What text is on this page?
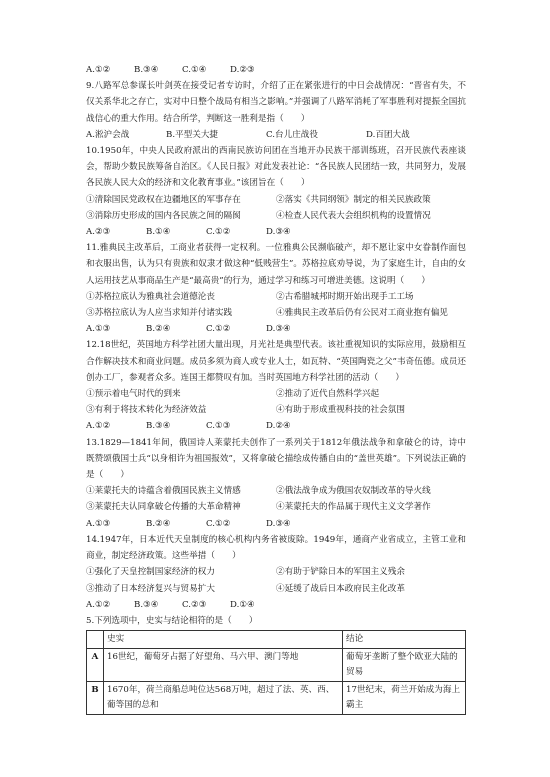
A.①②	B.③④	C.①④	D.②③
9.八路军总参谋长叶剑英在接受记者专访时，介绍了正在紧张进行的中日会战情况：“晋省有失，不仅关系华北之存亡，实对中日整个战局有相当之影响。”并强调了八路军消耗了军事胜利对提振全国抗战信心的重大作用。结合所学，判断这一胜利是指（　　）
A.淞沪会战	B.平型关大捷	C.台儿庄战役	D.百团大战
10.1950年，中央人民政府派出的西南民族访问团在当地开办民族干部训练班，召开民族代表座谈会，帮助少数民族筹备自治区。《人民日报》对此发表社论：“各民族人民团结一致，共同努力，发展各民族人民大众的经济和文化教育事业。”该团旨在（　　）
①清除国民党政权在边疆地区的军事存在	②落实《共同纲领》制定的相关民族政策
③消除历史形成的国内各民族之间的隔阂	④检查人民代表大会组织机构的设置情况
A.②③	B.①④	C.①②	D.③④
11.雅典民主改革后，工商业者获得一定权利。一位雅典公民濒临破产，却不愿让家中女眷制作面包和衣服出售，认为只有贵族和奴隶才做这种“低贱营生”。苏格拉底劝导说，为了家庭生计，自由的女人运用技艺从事商品生产是“最高贵”的行为，通过学习和练习可增进美德。这说明（　　）
①苏格拉底认为雅典社会道德沦丧	②古希腊城邦时期开始出现手工工场
③苏格拉底认为人应当求知并付诸实践	④雅典民主改革后仍有公民对工商业抱有偏见
A.①③	B.②④	C.①②	D.③④
12.18世纪，英国地方科学社团大量出现，月光社是典型代表。该社重视知识的实际应用，鼓励相互合作解决技术和商业问题。成员多须为商人或专业人士，如瓦特、“英国陶瓷之父”韦奇伍德。成员还创办工厂，参观者众多。连国王都赞叹有加。当时英国地方科学社团的活动（　　）
①预示着电气时代的到来	②推动了近代自然科学兴起
③有利于将技术转化为经济效益	④有助于形成重视科技的社会氛围
A.①②	B.③④	C.①③	D.②④
13.1829—1841年间，俄国诗人莱蒙托夫创作了一系列关于1812年俄法战争和拿破仑的诗，诗中既赞颂俄国士兵“以身相许为祖国报效”，又将拿破仑描绘成传播自由的“盖世英雄”。下列说法正确的是（　　）
①莱蒙托夫的诗蕴含着俄国民族主义情感	②俄法战争成为俄国农奴制改革的导火线
③莱蒙托夫认同拿破仑传播的大革命精神	④莱蒙托夫的作品属于现代主义文学著作
A.①③	B.②④	C.①②	D.③④
14.1947年，日本近代天皇制度的核心机构内务省被废除。1949年，通商产业省成立，主管工业和商业，制定经济政策。这些举措（　　）
①强化了天皇控制国家经济的权力	②有助于铲除日本的军国主义残余
③推动了日本经济复兴与贸易扩大	④延缓了战后日本政府民主化改革
A.①②	B.③④	C.②③	D.①④
5.下列选项中，史实与结论相符的是（　　）
	史实	结论
A	16世纪，葡萄牙占据了好望角、马六甲、澳门等地	葡萄牙垄断了整个欧亚大陆的贸易
B	1670年，荷兰商船总吨位达568万吨，超过了法、英、西、葡等国的总和	17世纪末，荷兰开始成为海上霸主
